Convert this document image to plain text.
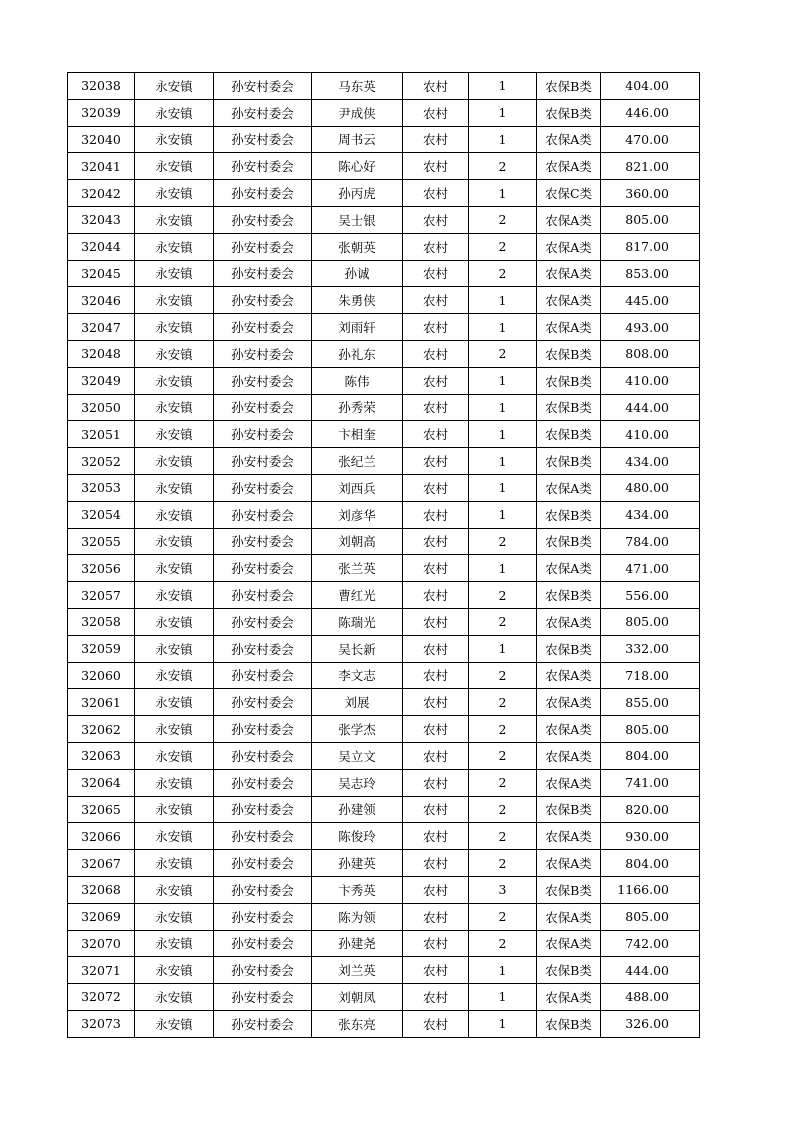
32038	永安镇	孙安村委会	马东英	农村	1	农保B类	404.00
32039	永安镇	孙安村委会	尹成侠	农村	1	农保B类	446.00
32040	永安镇	孙安村委会	周书云	农村	1	农保A类	470.00
32041	永安镇	孙安村委会	陈心好	农村	2	农保A类	821.00
32042	永安镇	孙安村委会	孙丙虎	农村	1	农保C类	360.00
32043	永安镇	孙安村委会	吴士银	农村	2	农保A类	805.00
32044	永安镇	孙安村委会	张朝英	农村	2	农保A类	817.00
32045	永安镇	孙安村委会	孙诚	农村	2	农保A类	853.00
32046	永安镇	孙安村委会	朱勇侠	农村	1	农保A类	445.00
32047	永安镇	孙安村委会	刘雨轩	农村	1	农保A类	493.00
32048	永安镇	孙安村委会	孙礼东	农村	2	农保B类	808.00
32049	永安镇	孙安村委会	陈伟	农村	1	农保B类	410.00
32050	永安镇	孙安村委会	孙秀荣	农村	1	农保B类	444.00
32051	永安镇	孙安村委会	卞相奎	农村	1	农保B类	410.00
32052	永安镇	孙安村委会	张纪兰	农村	1	农保B类	434.00
32053	永安镇	孙安村委会	刘西兵	农村	1	农保A类	480.00
32054	永安镇	孙安村委会	刘彦华	农村	1	农保B类	434.00
32055	永安镇	孙安村委会	刘朝高	农村	2	农保B类	784.00
32056	永安镇	孙安村委会	张兰英	农村	1	农保A类	471.00
32057	永安镇	孙安村委会	曹红光	农村	2	农保B类	556.00
32058	永安镇	孙安村委会	陈瑞光	农村	2	农保A类	805.00
32059	永安镇	孙安村委会	吴长新	农村	1	农保B类	332.00
32060	永安镇	孙安村委会	李文志	农村	2	农保A类	718.00
32061	永安镇	孙安村委会	刘展	农村	2	农保A类	855.00
32062	永安镇	孙安村委会	张学杰	农村	2	农保A类	805.00
32063	永安镇	孙安村委会	吴立文	农村	2	农保A类	804.00
32064	永安镇	孙安村委会	吴志玲	农村	2	农保A类	741.00
32065	永安镇	孙安村委会	孙建领	农村	2	农保B类	820.00
32066	永安镇	孙安村委会	陈俊玲	农村	2	农保A类	930.00
32067	永安镇	孙安村委会	孙建英	农村	2	农保A类	804.00
32068	永安镇	孙安村委会	卞秀英	农村	3	农保B类	1166.00
32069	永安镇	孙安村委会	陈为领	农村	2	农保A类	805.00
32070	永安镇	孙安村委会	孙建尧	农村	2	农保A类	742.00
32071	永安镇	孙安村委会	刘兰英	农村	1	农保B类	444.00
32072	永安镇	孙安村委会	刘朝凤	农村	1	农保A类	488.00
32073	永安镇	孙安村委会	张东亮	农村	1	农保B类	326.00
